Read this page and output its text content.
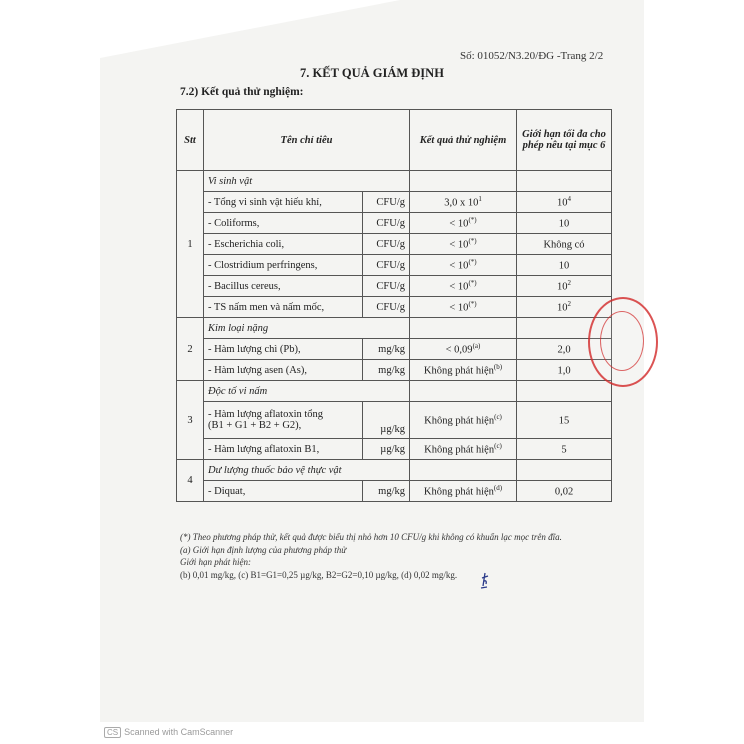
Số: 01052/N3.20/ĐG -Trang 2/2
7. KẾT QUẢ GIÁM ĐỊNH
7.2) Kết quả thử nghiệm:
Stt	Tên chỉ tiêu		Kết quả thử nghiệm	Giới hạn tối đa cho phép nêu tại mục 6
1	Vi sinh vật			
	- Tổng vi sinh vật hiếu khí,	CFU/g	3,0 x $10^1$	$10^4$
	- Coliforms,	CFU/g	< 10(*)	10
	- Escherichia coli,	CFU/g	< 10(*)	Không có
	- Clostridium perfringens,	CFU/g	< 10(*)	10
	- Bacillus cereus,	CFU/g	< 10(*)	$10^2$
	- TS nấm men và nấm mốc,	CFU/g	< 10(*)	$10^2$
2	Kim loại nặng			
	- Hàm lượng chì (Pb),	mg/kg	< $0,09^{(a)}$	2,0
	- Hàm lượng asen (As),	mg/kg	Không phát hiện$^{(b)}$	1,0
3	Độc tố vi nấm			

	- Hàm lượng aflatoxin tổng
(B1 + G1 + B2 + G2),	µg/kg	Không phát hiện$^{(c)}$	15
	- Hàm lượng aflatoxin B1,	µg/kg	Không phát hiện$^{(c)}$	5
4	Dư lượng thuốc bảo vệ thực vật			
	- Diquat,	mg/kg	Không phát hiện$^{(d)}$	0,02
(*) Theo phương pháp thử, kết quả được biểu thị nhỏ hơn 10 CFU/g khi không có khuẩn lạc mọc trên đĩa.
(a) Giới hạn định lượng của phương pháp thử
Giới hạn phát hiện:
(b) 0,01 mg/kg, (c) B1=G1=0,25 µg/kg, B2=G2=0,10 µg/kg, (d) 0,02 mg/kg.
CS Scanned with CamScanner
